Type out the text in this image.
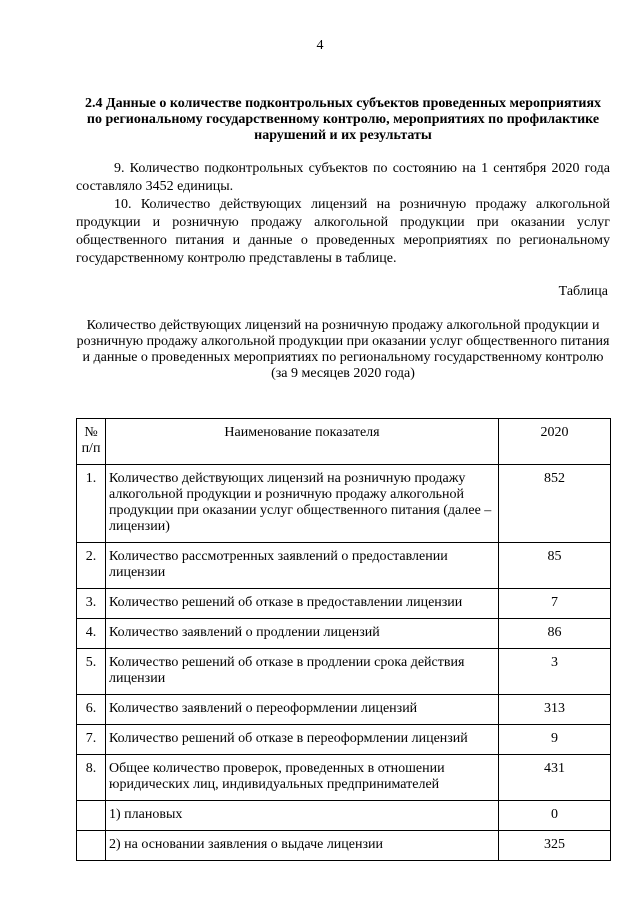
4
2.4 Данные о количестве подконтрольных субъектов проведенных мероприятиях по региональному государственному контролю, мероприятиях по профилактике нарушений и их результаты
9. Количество подконтрольных субъектов по состоянию на 1 сентября 2020 года составляло 3452 единицы.
10. Количество действующих лицензий на розничную продажу алкогольной продукции и розничную продажу алкогольной продукции при оказании услуг общественного питания и данные о проведенных мероприятиях по региональному государственному контролю представлены в таблице.
Таблица
Количество действующих лицензий на розничную продажу алкогольной продукции и розничную продажу алкогольной продукции при оказании услуг общественного питания и данные о проведенных мероприятиях по региональному государственному контролю
(за 9 месяцев 2020 года)
№ п/п	Наименование показателя	2020
1.	Количество действующих лицензий на розничную продажу алкогольной продукции и розничную продажу алкогольной продукции при оказании услуг общественного питания (далее – лицензии)	852
2.	Количество рассмотренных заявлений о предоставлении лицензии	85
3.	Количество решений об отказе в предоставлении лицензии	7
4.	Количество заявлений о продлении лицензий	86
5.	Количество решений об отказе в продлении срока действия лицензии	3
6.	Количество заявлений о переоформлении лицензий	313
7.	Количество решений об отказе в переоформлении лицензий	9
8.	Общее количество проверок, проведенных в отношении юридических лиц, индивидуальных предпринимателей	431
	1) плановых	0
	2) на основании заявления о выдаче лицензии	325
